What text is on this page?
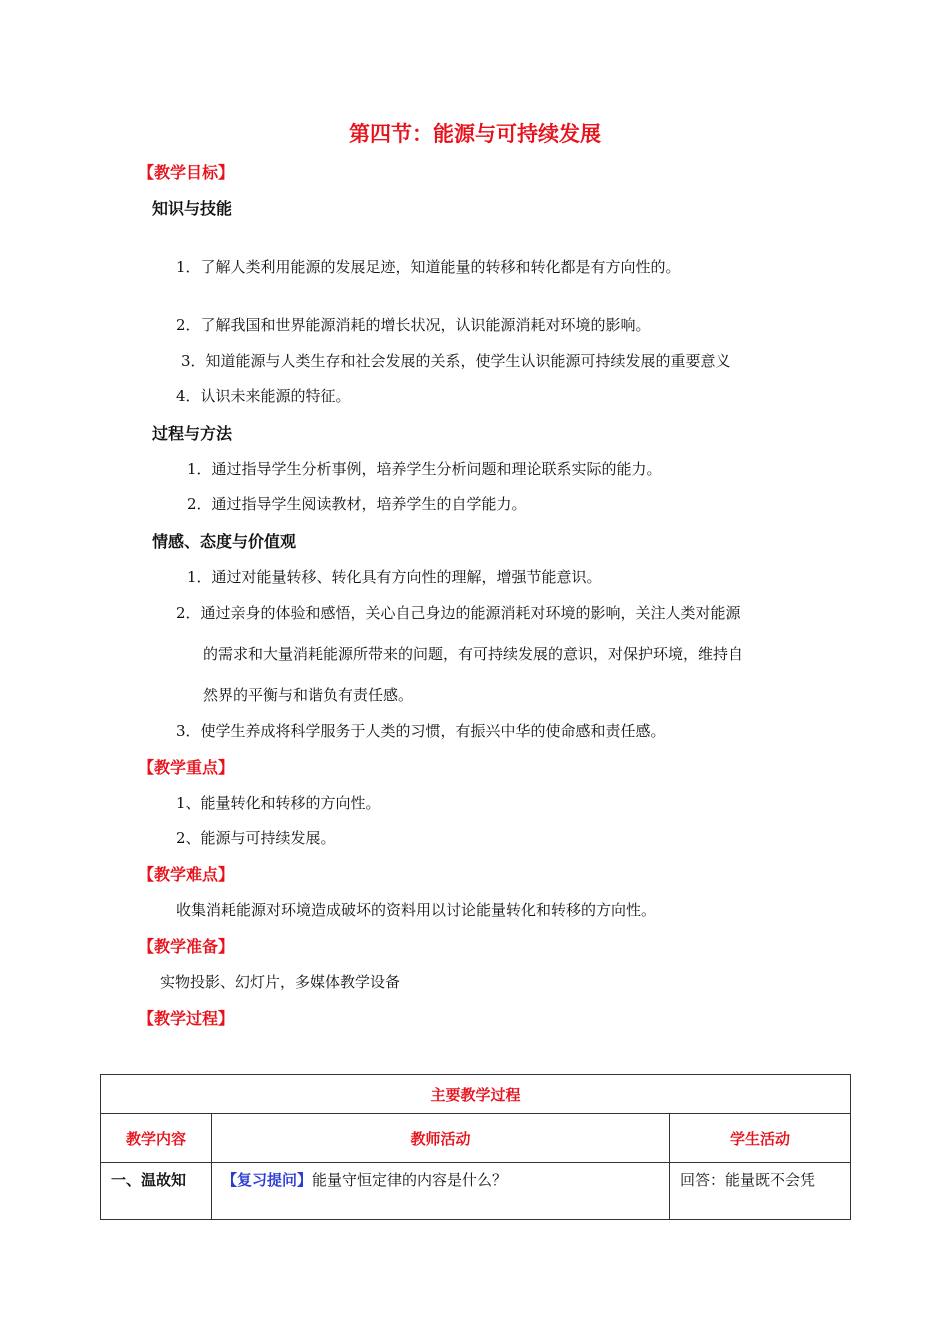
第四节：能源与可持续发展
【教学目标】
知识与技能
1．了解人类利用能源的发展足迹，知道能量的转移和转化都是有方向性的。
2．了解我国和世界能源消耗的增长状况，认识能源消耗对环境的影响。
3．知道能源与人类生存和社会发展的关系，使学生认识能源可持续发展的重要意义
4．认识未来能源的特征。
过程与方法
1．通过指导学生分析事例，培养学生分析问题和理论联系实际的能力。
2．通过指导学生阅读教材，培养学生的自学能力。
情感、态度与价值观
1．通过对能量转移、转化具有方向性的理解，增强节能意识。
2．通过亲身的体验和感悟，关心自己身边的能源消耗对环境的影响，关注人类对能源
的需求和大量消耗能源所带来的问题，有可持续发展的意识，对保护环境，维持自
然界的平衡与和谐负有责任感。
3．使学生养成将科学服务于人类的习惯，有振兴中华的使命感和责任感。
【教学重点】
1、能量转化和转移的方向性。
2、能源与可持续发展。
【教学难点】
收集消耗能源对环境造成破坏的资料用以讨论能量转化和转移的方向性。
【教学准备】
实物投影、幻灯片，多媒体教学设备
【教学过程】
主要教学过程		
教学内容	教师活动	学生活动
一、温故知	【复习提问】能量守恒定律的内容是什么？	回答：能量既不会凭
